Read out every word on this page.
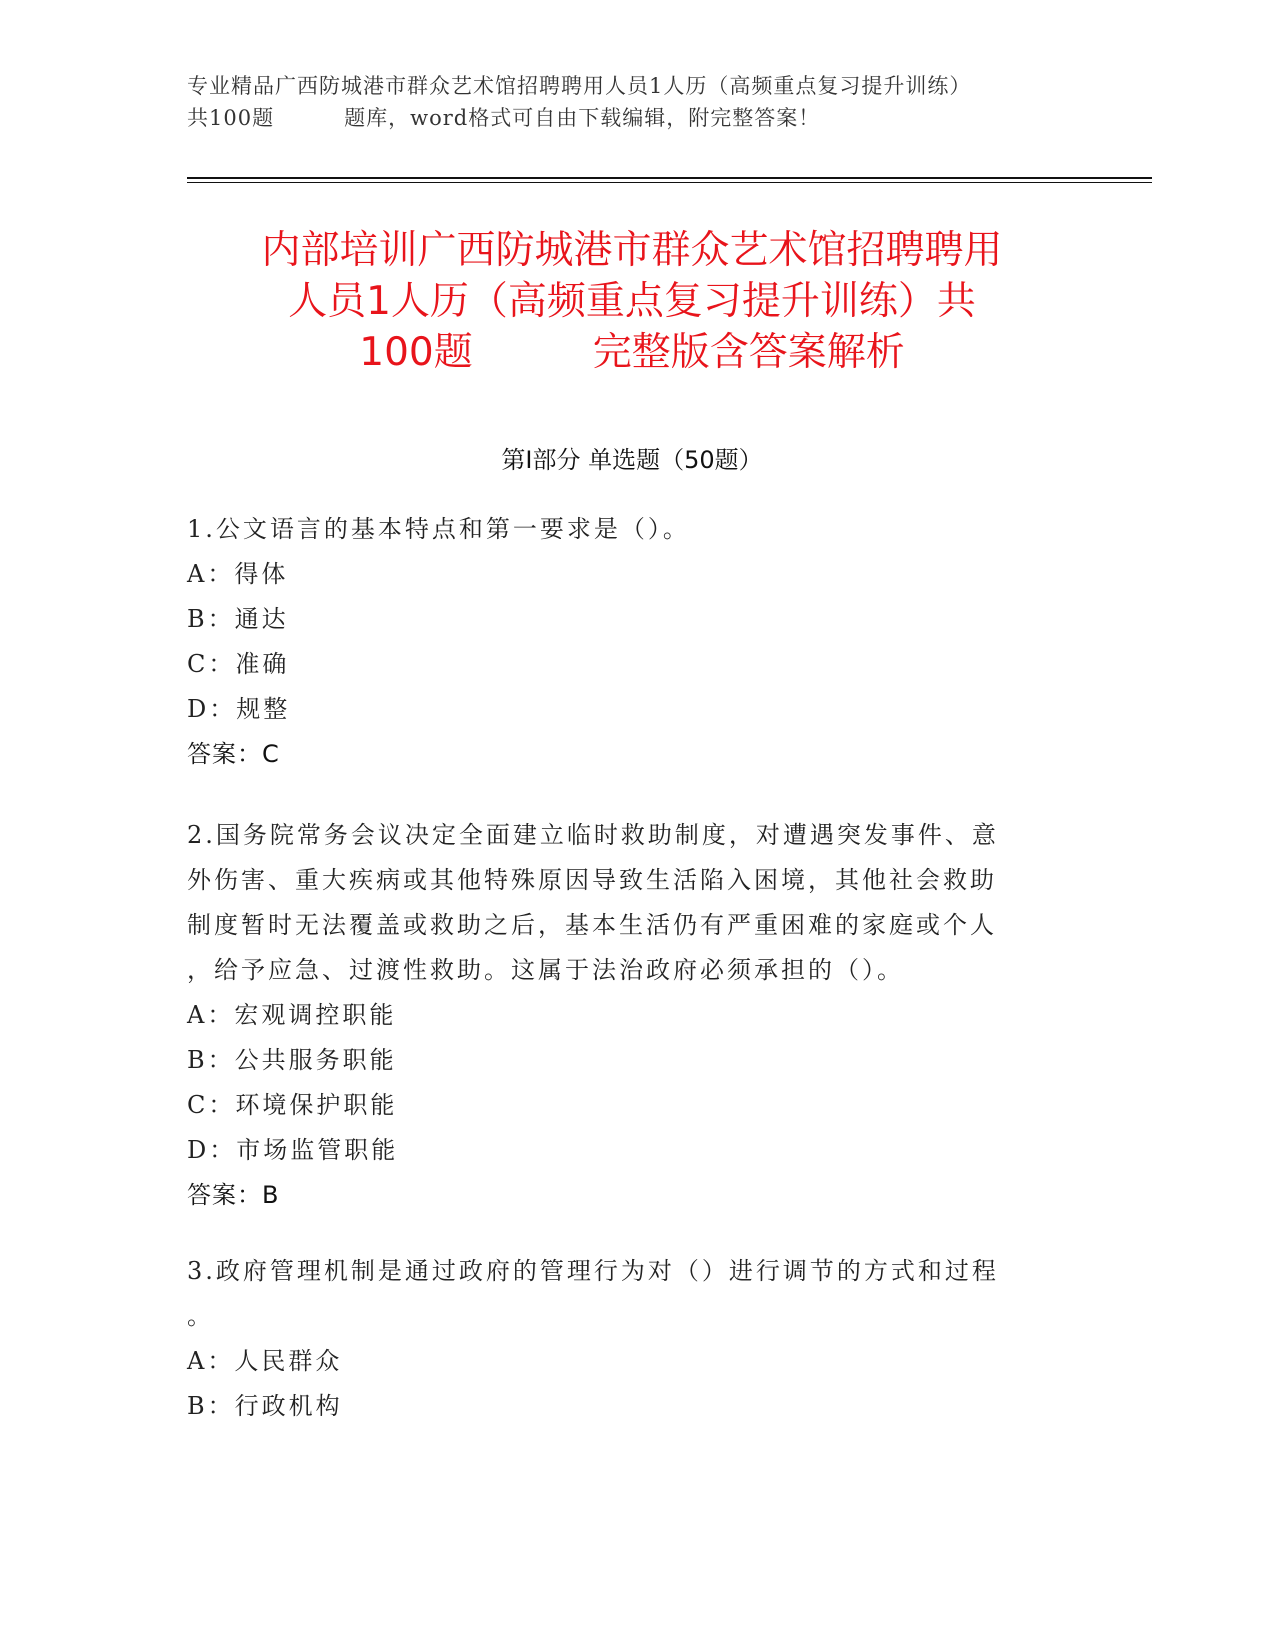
专业精品广西防城港市群众艺术馆招聘聘用人员1人历（高频重点复习提升训练）
共100题	题库，word格式可自由下载编辑，附完整答案！
内部培训广西防城港市群众艺术馆招聘聘用
人员1人历（高频重点复习提升训练）共
100题	完整版含答案解析
第Ⅰ部分 单选题（50题）

1.公文语言的基本特点和第一要求是（）。

A：得体

B：通达

C：准确

D：规整

答案：C

2.国务院常务会议决定全面建立临时救助制度，对遭遇突发事件、意

外伤害、重大疾病或其他特殊原因导致生活陷入困境，其他社会救助

制度暂时无法覆盖或救助之后，基本生活仍有严重困难的家庭或个人

，给予应急、过渡性救助。这属于法治政府必须承担的（）。

A：宏观调控职能

B：公共服务职能

C：环境保护职能

D：市场监管职能

答案：B

3.政府管理机制是通过政府的管理行为对（）进行调节的方式和过程

。

A：人民群众

B：行政机构
